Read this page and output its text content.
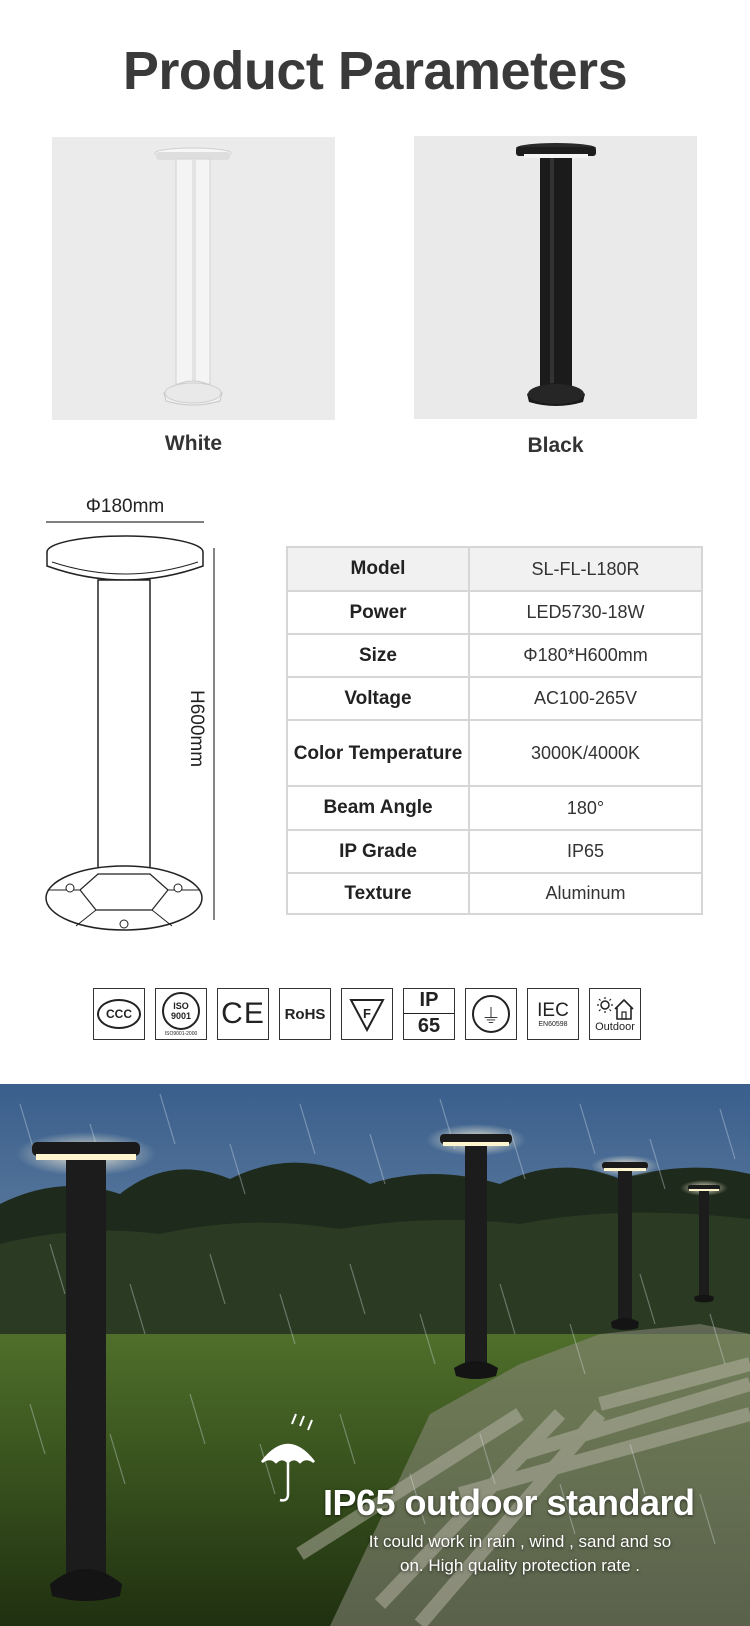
Product Parameters
White	Black
Φ180mm
H600mm
Model	SL-FL-L180R
Power	LED5730-18W
Size	Φ180*H600mm
Voltage	AC100-265V
Color Temperature	3000K/4000K
Beam Angle	180°
IP Grade	IP65
Texture	Aluminum
CCC
ISO
9001
ISO9001-2000
CE RoHS	F
IP
65	⏚	IEC
EN60598	Outdoor
IP65 outdoor standard
It could work in rain , wind , sand and so
on. High quality protection rate .
